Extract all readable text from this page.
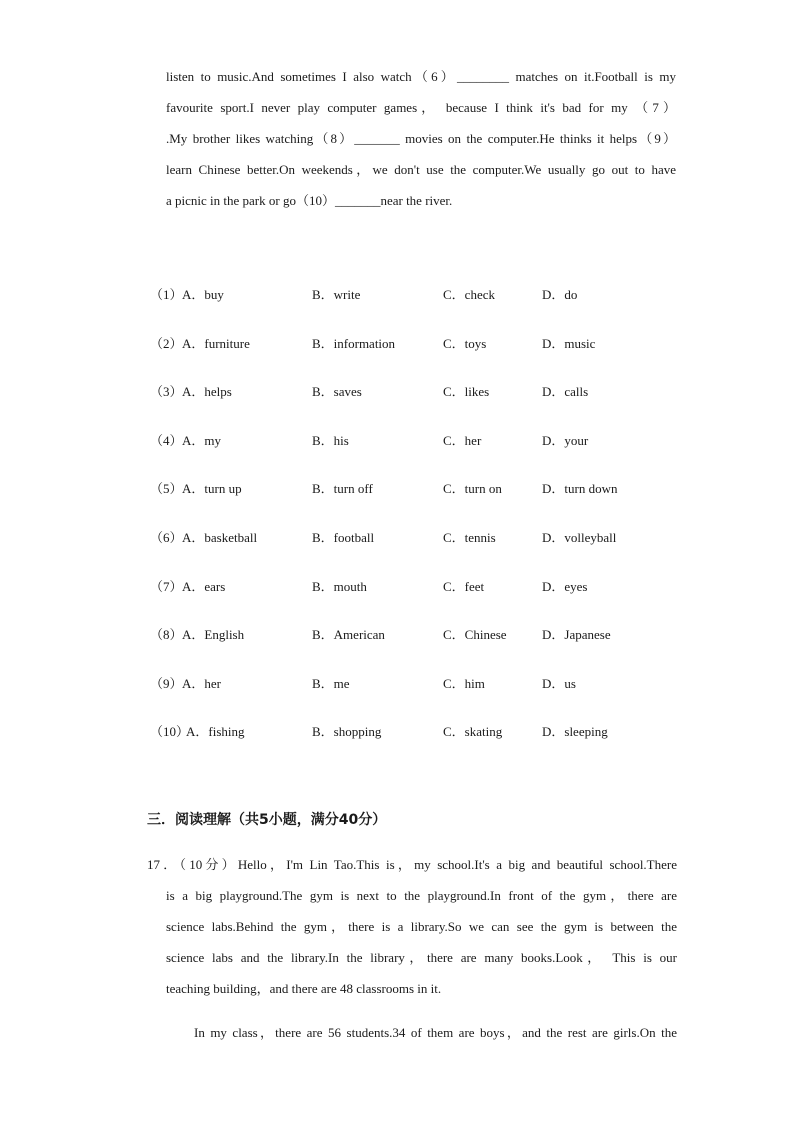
listen to music.And sometimes I also watch（6）________ matches on it.Football is my
favourite sport.I never play computer games， because I think it's bad for my （7）
.My brother likes watching（8）_______ movies on the computer.He thinks it helps（9）
learn Chinese better.On weekends，we don't use the computer.We usually go out to have
a picnic in the park or go（10）_______near the river.
（1） A．buy	B．write	C．check	D．do
（2） A．furniture	B．information	C．toys	D．music
（3） A．helps	B．saves	C．likes	D．calls
（4） A．my	B．his	C．her	D．your
（5） A．turn up	B．turn off	C．turn on	D．turn down
（6） A．basketball	B．football	C．tennis	D．volleyball
（7） A．ears	B．mouth	C．feet	D．eyes
（8） A．English	B．American	C．Chinese	D．Japanese
（9） A．her	B．me	C．him	D．us
（10）
A．fishing	B．shopping	C．skating	D．sleeping
三．阅读理解（共5小题，满分40分）
17．（10分）Hello，I'm Lin Tao.This is，my school.It's a big and beautiful school.There
is a big playground.The gym is next to the playground.In front of the gym，there are
science labs.Behind the gym，there is a library.So we can see the gym is between the
science labs and the library.In the library，there are many books.Look， This is our
teaching building，and there are 48 classrooms in it.
In my class，there are 56 students.34 of them are boys，and the rest are girls.On the
